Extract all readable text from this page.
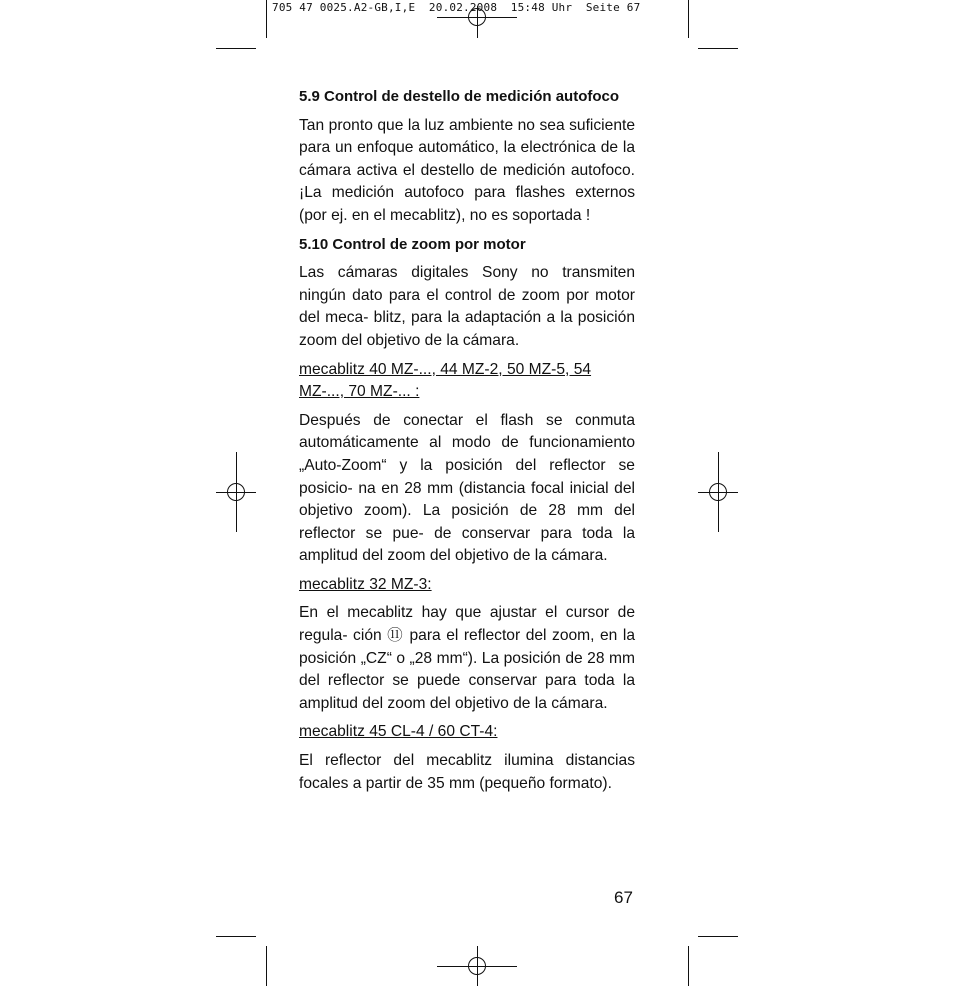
705 47 0025.A2-GB,I,E  20.02.2008  15:48 Uhr  Seite 67

5.9 Control de destello de medición autofoco

Tan pronto que la luz ambiente no sea suficiente para un enfoque automático, la electrónica de la cámara activa el destello de medición autofoco. ¡La medición autofoco para flashes externos (por ej. en el mecablitz), no es soportada !

5.10 Control de zoom por motor

Las cámaras digitales Sony no transmiten ningún dato para el control de zoom por motor del meca- blitz, para la adaptación a la posición zoom del objetivo de la cámara.

mecablitz 40 MZ-..., 44 MZ-2, 50 MZ-5, 54 MZ-..., 70 MZ-... :

Después de conectar el flash se conmuta automáticamente al modo de funcionamiento „Auto-Zoom“ y la posición del reflector se posicio- na en 28 mm (distancia focal inicial del objetivo zoom). La posición de 28 mm del reflector se pue- de conservar para toda la amplitud del zoom del objetivo de la cámara.

mecablitz 32 MZ-3:

En el mecablitz hay que ajustar el cursor de regula- ción ⑪ para el reflector del zoom, en la posición „CZ“ o „28 mm“). La posición de 28 mm del reflector se puede conservar para toda la amplitud del zoom del objetivo de la cámara.

mecablitz 45 CL-4 / 60 CT-4:

El reflector del mecablitz ilumina distancias focales a partir de 35 mm (pequeño formato).

67
